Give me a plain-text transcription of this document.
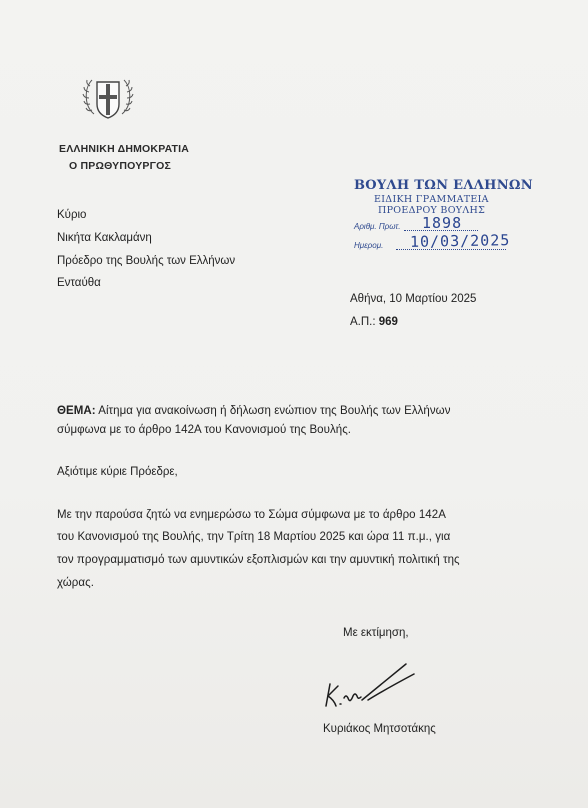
ΕΛΛΗΝΙΚΗ ΔΗΜΟΚΡΑΤΙΑ
Ο ΠΡΩΘΥΠΟΥΡΓΟΣ
ΒΟΥΛΗ ΤΩΝ ΕΛΛΗΝΩΝ
ΕΙΔΙΚΗ ΓΡΑΜΜΑΤΕΙΑ
ΠΡΟΕΔΡΟΥ ΒΟΥΛΗΣ
Αριθμ. Πρωτ. 1898
Ημερομ. 10/03/2025
Κύριο
Νικήτα Κακλαμάνη
Πρόεδρο της Βουλής των Ελλήνων
Ενταύθα
Αθήνα, 10 Μαρτίου 2025
Α.Π.: 969
ΘΕΜΑ: Αίτημα για ανακοίνωση ή δήλωση ενώπιον της Βουλής των Ελλήνων
σύμφωνα με το άρθρο 142Α του Κανονισμού της Βουλής.
Αξιότιμε κύριε Πρόεδρε,
Με την παρούσα ζητώ να ενημερώσω το Σώμα σύμφωνα με το άρθρο 142Α
του Κανονισμού της Βουλής, την Τρίτη 18 Μαρτίου 2025 και ώρα 11 π.μ., για
τον προγραμματισμό των αμυντικών εξοπλισμών και την αμυντική πολιτική της
χώρας.
Με εκτίμηση,
Κυριάκος Μητσοτάκης
